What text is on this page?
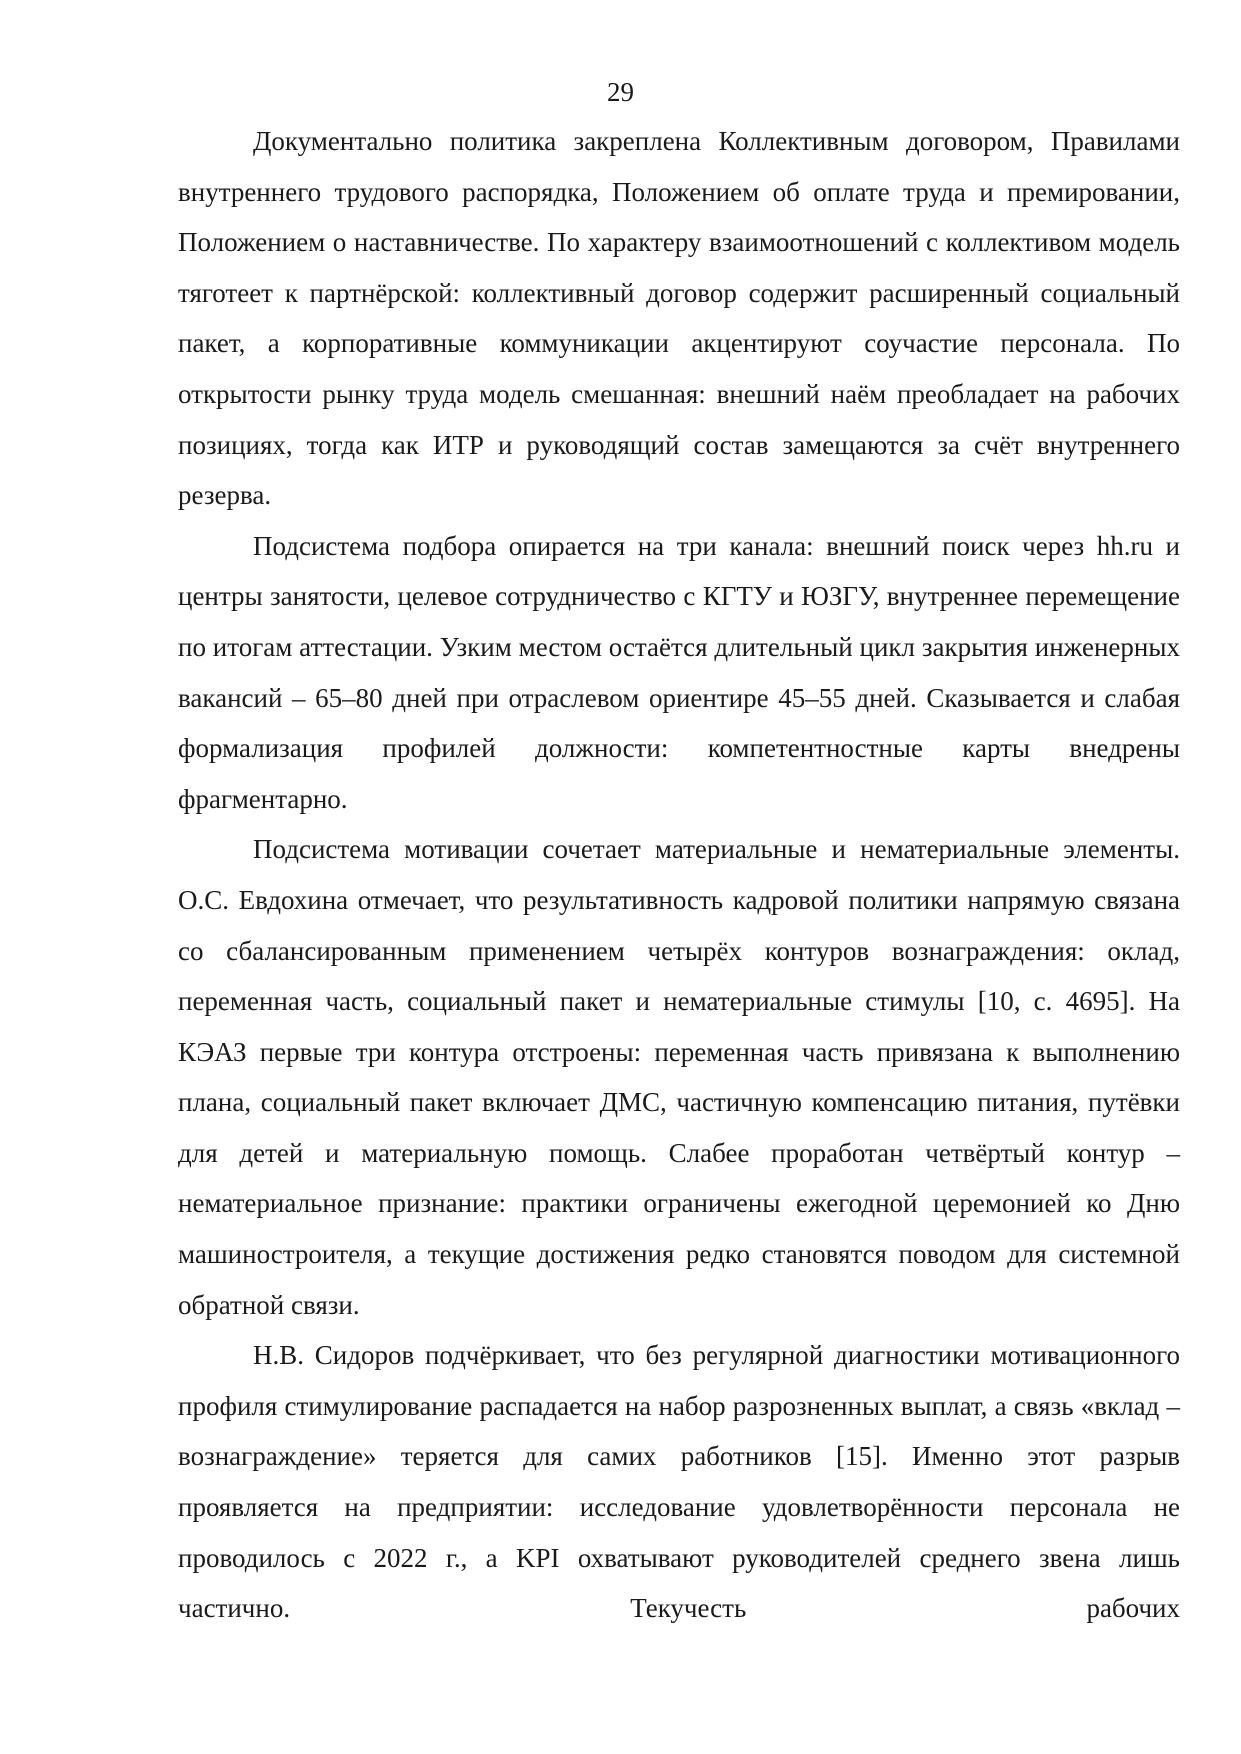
29

Документально политика закреплена Коллективным договором, Правилами внутреннего трудового распорядка, Положением об оплате труда и премировании, Положением о наставничестве. По характеру взаимоотношений с коллективом модель тяготеет к партнёрской: коллективный договор содержит расширенный социальный пакет, а корпоративные коммуникации акцентируют соучастие персонала. По открытости рынку труда модель смешанная: внешний наём преобладает на рабочих позициях, тогда как ИТР и руководящий состав замещаются за счёт внутреннего резерва.

Подсистема подбора опирается на три канала: внешний поиск через hh.ru и центры занятости, целевое сотрудничество с КГТУ и ЮЗГУ, внутреннее перемещение по итогам аттестации. Узким местом остаётся длительный цикл закрытия инженерных вакансий – 65–80 дней при отраслевом ориентире 45–55 дней. Сказывается и слабая формализация профилей должности: компетентностные карты внедрены фрагментарно.

Подсистема мотивации сочетает материальные и нематериальные элементы. О.С. Евдохина отмечает, что результативность кадровой политики напрямую связана со сбалансированным применением четырёх контуров вознаграждения: оклад, переменная часть, социальный пакет и нематериальные стимулы [10, с. 4695]. На КЭАЗ первые три контура отстроены: переменная часть привязана к выполнению плана, социальный пакет включает ДМС, частичную компенсацию питания, путёвки для детей и материальную помощь. Слабее проработан четвёртый контур – нематериальное признание: практики ограничены ежегодной церемонией ко Дню машиностроителя, а текущие достижения редко становятся поводом для системной обратной связи.

Н.В. Сидоров подчёркивает, что без регулярной диагностики мотивационного профиля стимулирование распадается на набор разрозненных выплат, а связь «вклад – вознаграждение» теряется для самих работников [15]. Именно этот разрыв проявляется на предприятии: исследование удовлетворённости персонала не проводилось с 2022 г., а KPI охватывают руководителей среднего звена лишь частично. Текучесть рабочих
